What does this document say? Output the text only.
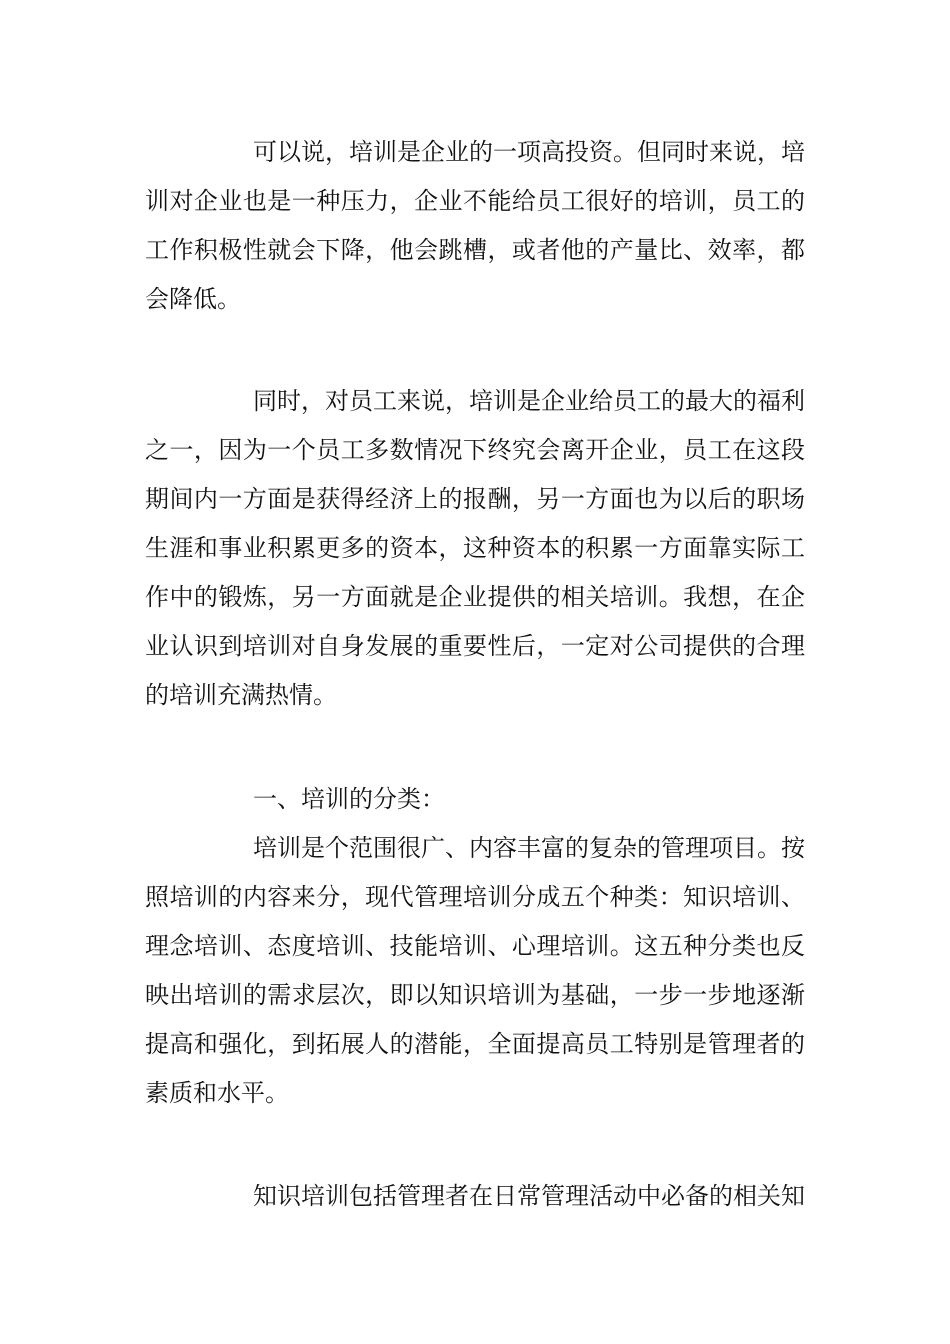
可以说，培训是企业的一项高投资。但同时来说，培训对企业也是一种压力，企业不能给员工很好的培训，员工的工作积极性就会下降，他会跳槽，或者他的产量比、效率，都会降低。

同时，对员工来说，培训是企业给员工的最大的福利之一，因为一个员工多数情况下终究会离开企业，员工在这段期间内一方面是获得经济上的报酬，另一方面也为以后的职场生涯和事业积累更多的资本，这种资本的积累一方面靠实际工作中的锻炼，另一方面就是企业提供的相关培训。我想，在企业认识到培训对自身发展的重要性后，一定对公司提供的合理的培训充满热情。

一、培训的分类：

培训是个范围很广、内容丰富的复杂的管理项目。按照培训的内容来分，现代管理培训分成五个种类：知识培训、理念培训、态度培训、技能培训、心理培训。这五种分类也反映出培训的需求层次，即以知识培训为基础，一步一步地逐渐提高和强化，到拓展人的潜能，全面提高员工特别是管理者的素质和水平。

知识培训包括管理者在日常管理活动中必备的相关知
